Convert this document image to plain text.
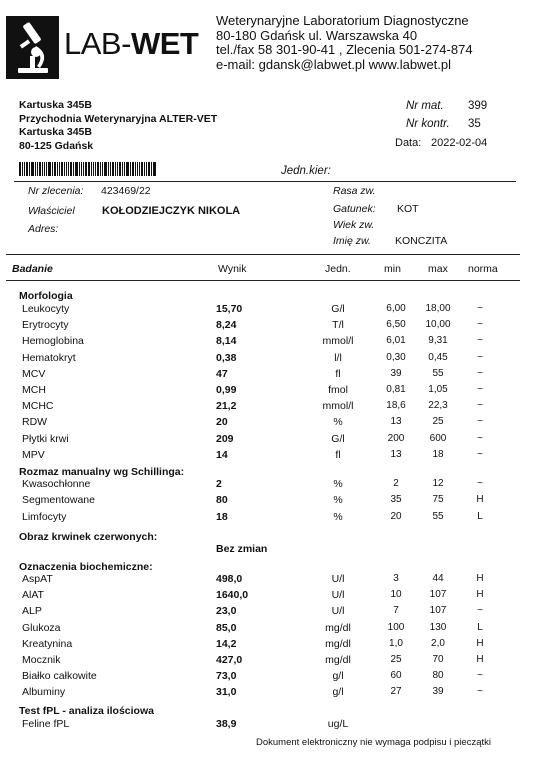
LAB-WET
Weterynaryjne Laboratorium Diagnostyczne
80-180 Gdańsk ul. Warszawska 40
tel./fax 58 301-90-41 , Zlecenia 501-274-874
e-mail: gdansk@labwet.pl www.labwet.pl
Kartuska 345B
Przychodnia Weterynaryjna ALTER-VET
Kartuska 345B
80-125 Gdańsk
Nr mat. 399
Nr kontr. 35
Data: 2022-02-04
Jedn.kier:
Nr zlecenia: 423469/22
Właściciel KOŁODZIEJCZYK NIKOLA
Adres:
Rasa zw.
Gatunek: KOT
Wiek zw.
Imię zw. KONCZITA
Badanie	Wynik	Jedn.	min	max norma
Morfologia
Leukocyty	15,70	G/l	6,00	18,00	~
Erytrocyty	8,24	T/l	6,50	10,00	~
Hemoglobina	8,14	mmol/l	6,01	9,31	~
Hematokryt	0,38	l/l	0,30	0,45	~
MCV	47	fl	39	55	~
MCH	0,99	fmol	0,81	1,05	~
MCHC	21,2	mmol/l	18,6	22,3	~
RDW	20	%	13	25	~
Płytki krwi	209	G/l	200	600	~
MPV	14	fl	13	18	~
Rozmaz manualny wg Schillinga:
Kwasochłonne	2	%	2	12	~
Segmentowane	80	%	35	75	H
Limfocyty	18	%	20	55	L
Obraz krwinek czerwonych:
Bez zmian
Oznaczenia biochemiczne:
AspAT	498,0	U/l	3	44	H
AlAT	1640,0	U/l	10	107	H
ALP	23,0	U/l	7	107	~
Glukoza	85,0	mg/dl	100	130	L
Kreatynina	14,2	mg/dl	1,0	2,0	H
Mocznik	427,0	mg/dl	25	70	H
Białko całkowite	73,0	g/l	60	80	~
Albuminy	31,0	g/l	27	39	~
Test fPL - analiza ilościowa
Feline fPL	38,9	ug/L
Dokument elektroniczny nie wymaga podpisu i pieczątki
